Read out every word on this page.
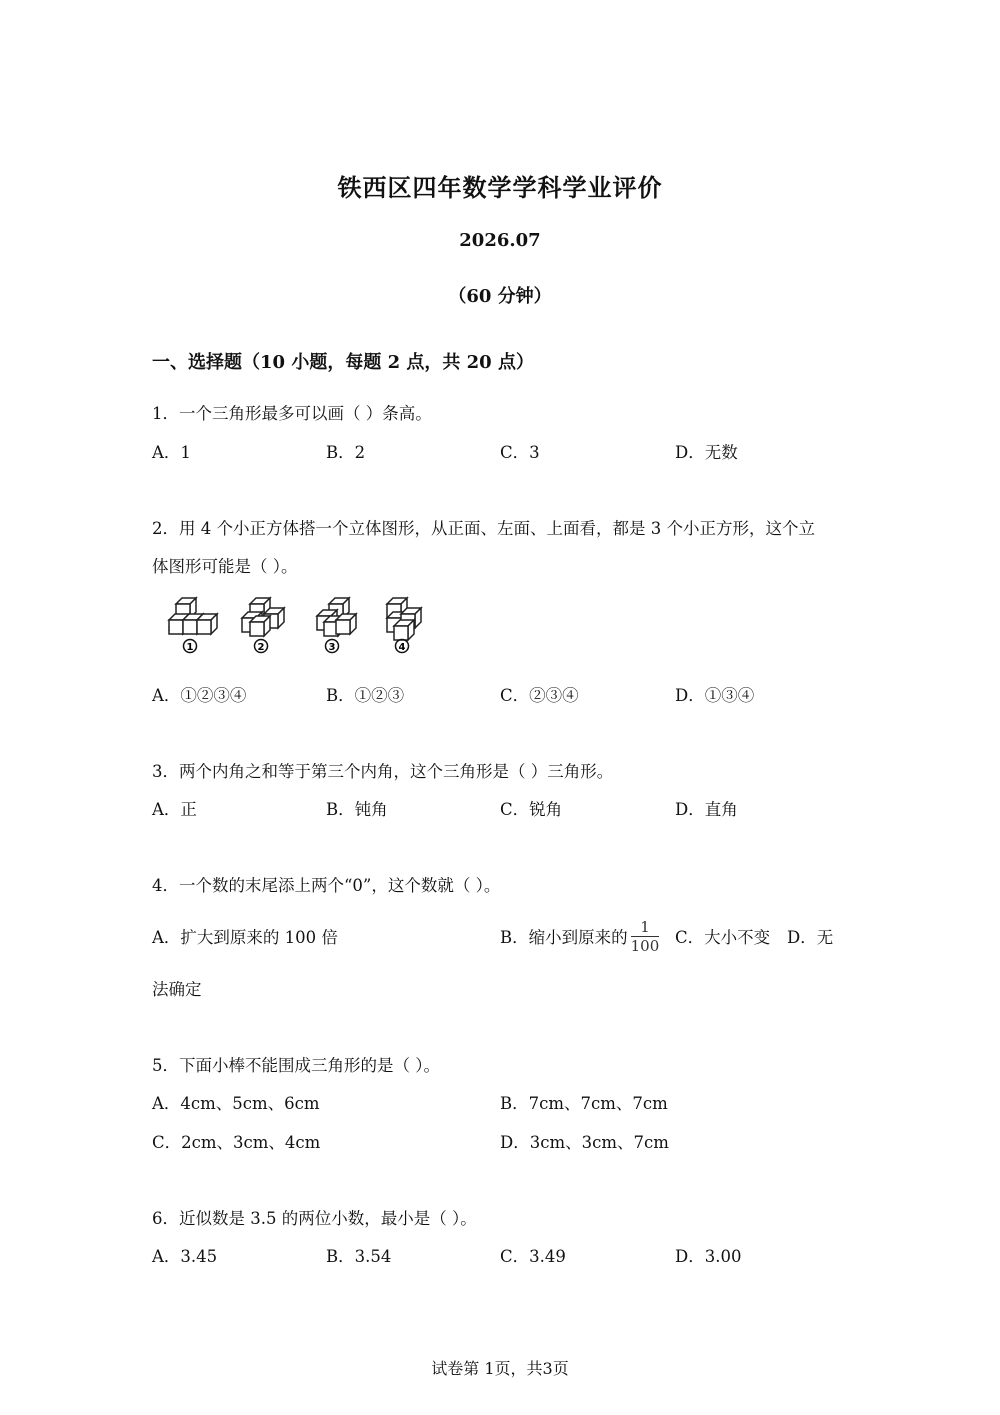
铁西区四年数学学科学业评价
2026.07
（60 分钟）
一、选择题（10 小题，每题 2 点，共 20 点）
1．一个三角形最多可以画（ ）条高。
A．1	B．2	C．3	D．无数
2．用 4 个小正方体搭一个立体图形，从正面、左面、上面看，都是 3 个小正方形，这个立
体图形可能是（ ）。
1	2	3	4
A．①②③④	B．①②③	C．②③④	D．①③④
3．两个内角之和等于第三个内角，这个三角形是（ ）三角形。
A．正	B．钝角	C．锐角	D．直角
4．一个数的末尾添上两个“0”，这个数就（ ）。
A．扩大到原来的 100 倍	B．缩小到原来的 $\frac{1}{100}$ C．大小不变 D．无
法确定
5．下面小棒不能围成三角形的是（ ）。
A．4cm、5cm、6cm	B．7cm、7cm、7cm
C．2cm、3cm、4cm	D．3cm、3cm、7cm
6．近似数是 3.5 的两位小数，最小是（ ）。
A．3.45	B．3.54	C．3.49	D．3.00
试卷第 1页，共3页
